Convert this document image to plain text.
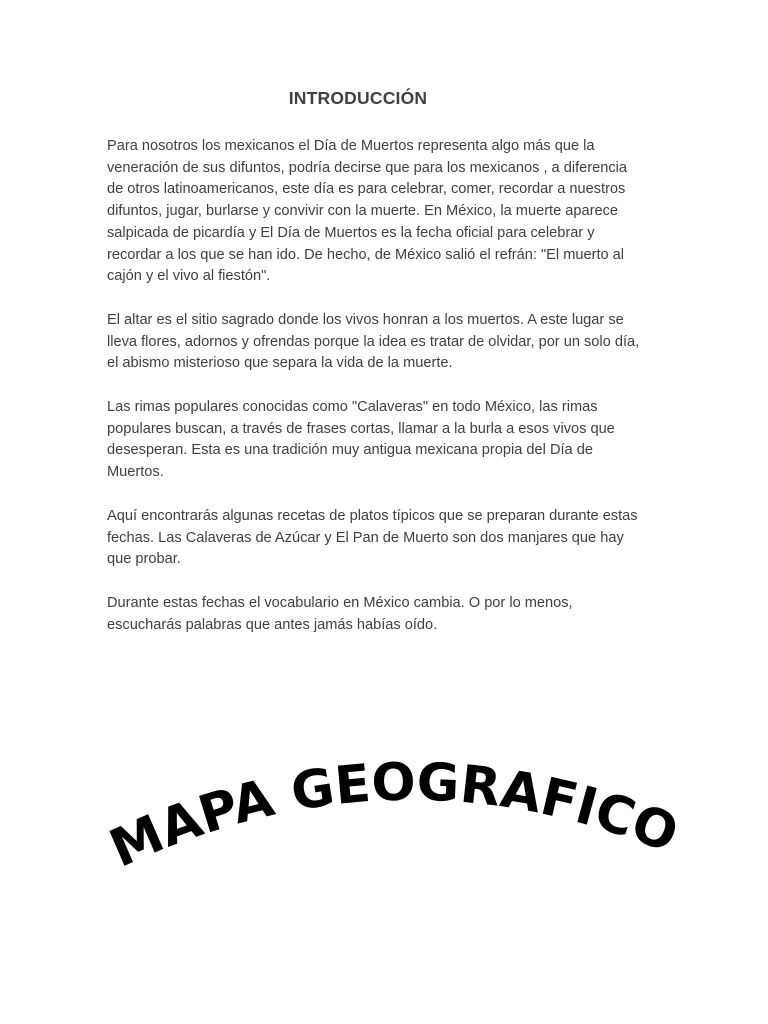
INTRODUCCIÓN

Para nosotros los mexicanos el Día de Muertos representa algo más que la
veneración de sus difuntos, podría decirse que para los mexicanos , a diferencia
de otros latinoamericanos, este día es para celebrar, comer, recordar a nuestros
difuntos, jugar, burlarse y convivir con la muerte. En México, la muerte aparece
salpicada de picardía y El Día de Muertos es la fecha oficial para celebrar y
recordar a los que se han ido. De hecho, de México salió el refrán: "El muerto al
cajón y el vivo al fiestón".

El altar es el sitio sagrado donde los vivos honran a los muertos. A este lugar se
lleva flores, adornos y ofrendas porque la idea es tratar de olvidar, por un solo día,
el abismo misterioso que separa la vida de la muerte.

Las rimas populares conocidas como "Calaveras" en todo México, las rimas
populares buscan, a través de frases cortas, llamar a la burla a esos vivos que
desesperan. Esta es una tradición muy antigua mexicana propia del Día de
Muertos.

Aquí encontrarás algunas recetas de platos típicos que se preparan durante estas
fechas. Las Calaveras de Azúcar y El Pan de Muerto son dos manjares que hay
que probar.

Durante estas fechas el vocabulario en México cambia. O por lo menos,
escucharás palabras que antes jamás habías oído.

MAPA GEOGRAFICO
